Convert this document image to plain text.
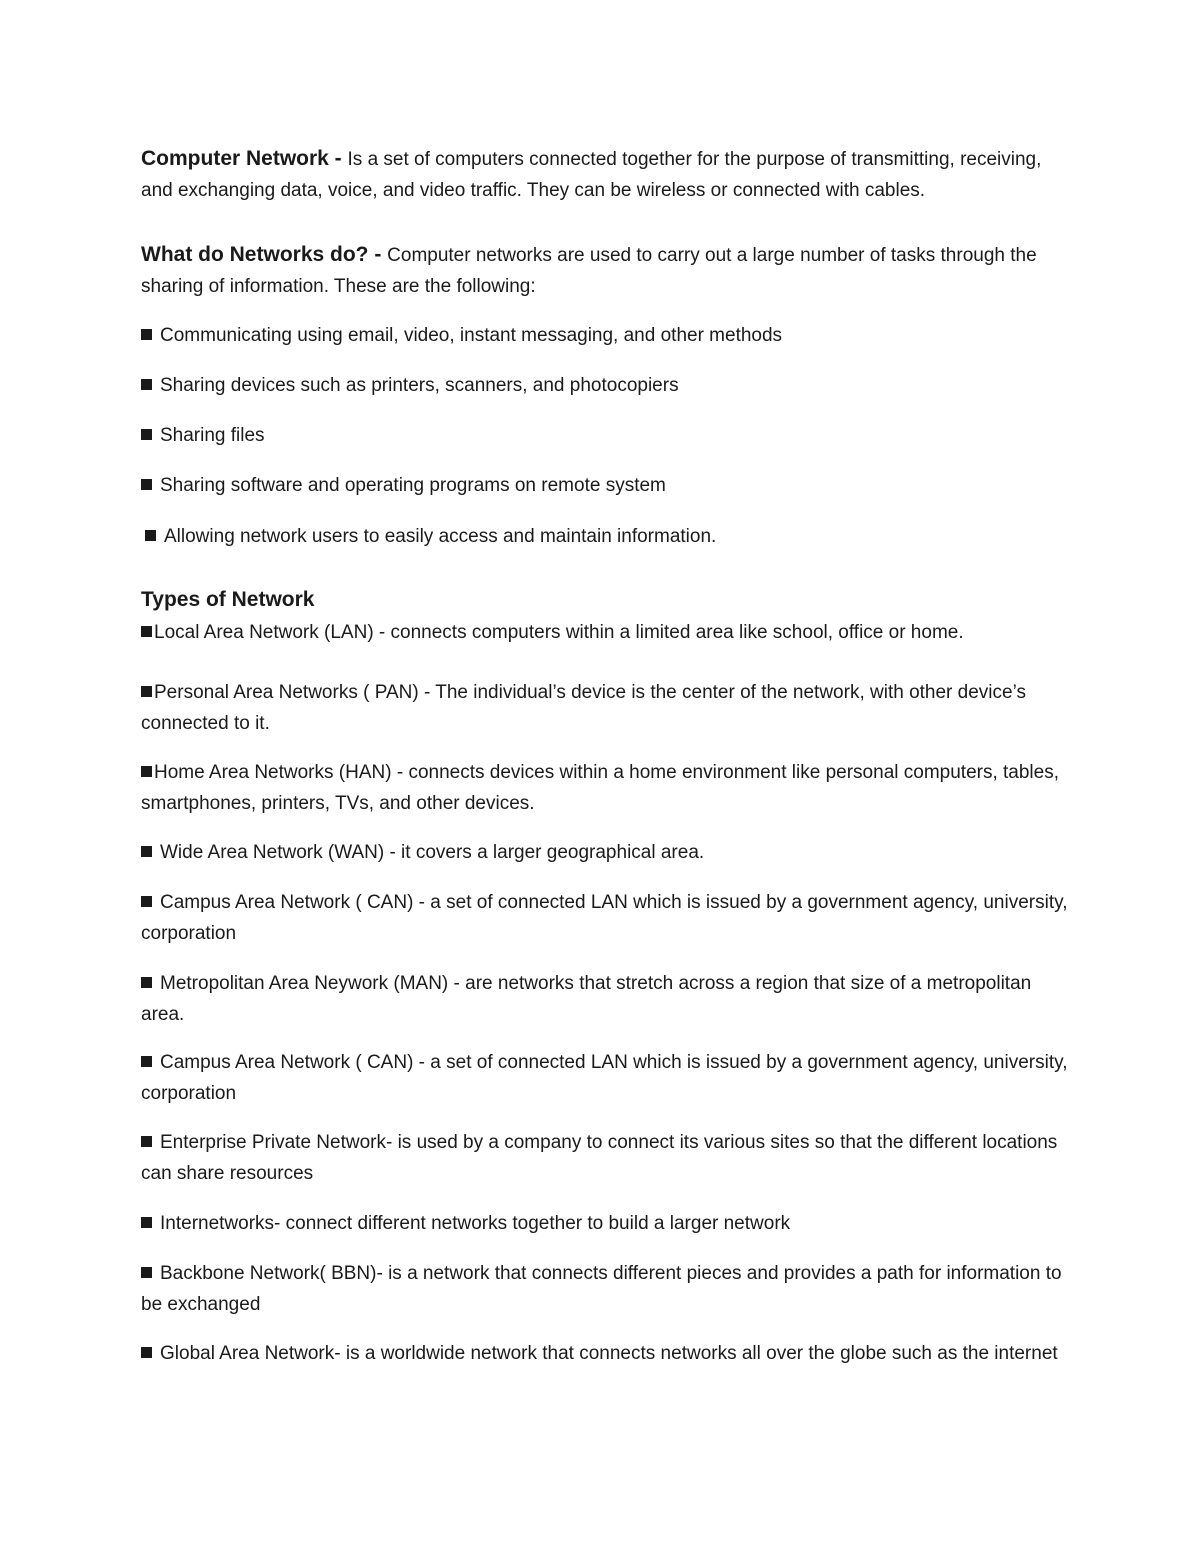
Computer Network - Is a set of computers connected together for the purpose of transmitting, receiving, and exchanging data, voice, and video traffic. They can be wireless or connected with cables.

What do Networks do? - Computer networks are used to carry out a large number of tasks through the sharing of information. These are the following:

Communicating using email, video, instant messaging, and other methods

Sharing devices such as printers, scanners, and photocopiers

Sharing files

Sharing software and operating programs on remote system

Allowing network users to easily access and maintain information.

Types of Network

Local Area Network (LAN) - connects computers within a limited area like school, office or home.

Personal Area Networks ( PAN) - The individual’s device is the center of the network, with other device’s connected to it.

Home Area Networks (HAN) - connects devices within a home environment like personal computers, tables, smartphones, printers, TVs, and other devices.

Wide Area Network (WAN) - it covers a larger geographical area.

Campus Area Network ( CAN) - a set of connected LAN which is issued by a government agency, university, corporation

Metropolitan Area Neywork (MAN) - are networks that stretch across a region that size of a metropolitan area.

Campus Area Network ( CAN) - a set of connected LAN which is issued by a government agency, university, corporation

Enterprise Private Network- is used by a company to connect its various sites so that the different locations can share resources

Internetworks- connect different networks together to build a larger network

Backbone Network( BBN)- is a network that connects different pieces and provides a path for information to be exchanged

Global Area Network- is a worldwide network that connects networks all over the globe such as the internet
